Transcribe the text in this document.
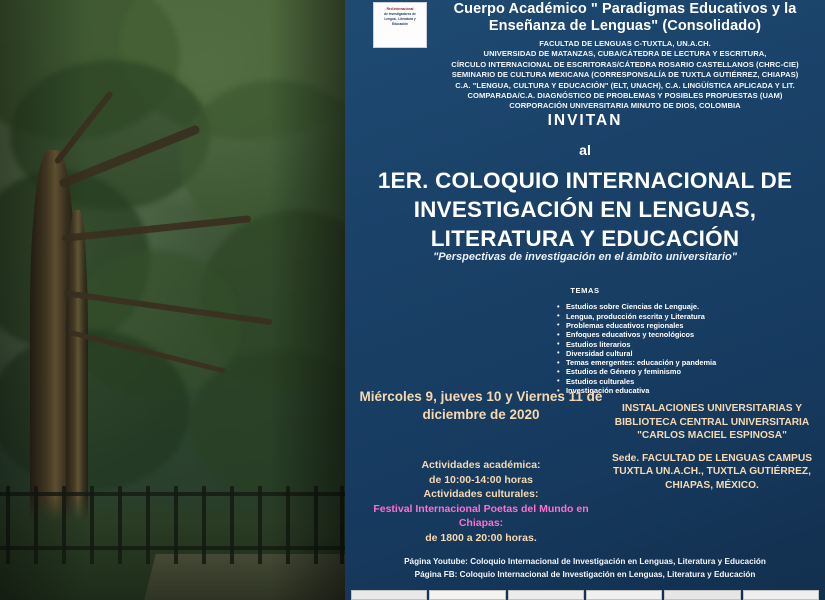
Red Internacional
de Investigadores de
Lengua , Literatura y
Educación
Cuerpo Académico " Paradigmas Educativos y la Enseñanza de Lenguas" (Consolidado)
FACULTAD DE LENGUAS C-TUXTLA, UN.A.CH.
UNIVERSIDAD DE MATANZAS, CUBA/CÁTEDRA DE LECTURA Y ESCRITURA,
CÍRCULO INTERNACIONAL DE ESCRITORAS/CÁTEDRA ROSARIO CASTELLANOS (CHRC-CIE)
SEMINARIO DE CULTURA MEXICANA (CORRESPONSALÍA DE TUXTLA GUTIÉRREZ, CHIAPAS)
C.A. "LENGUA, CULTURA Y EDUCACIÓN" (ELT, UNACH), C.A. LINGÜÍSTICA APLICADA Y LIT.
COMPARADA/C.A. DIAGNÓSTICO DE PROBLEMAS Y POSIBLES PROPUESTAS (UAM)
CORPORACIÓN UNIVERSITARIA MINUTO DE DIOS, COLOMBIA
INVITAN
al
1ER. COLOQUIO INTERNACIONAL DE INVESTIGACIÓN EN LENGUAS, LITERATURA Y EDUCACIÓN
"Perspectivas de investigación en el ámbito universitario"
TEMAS
• Estudios sobre Ciencias de Lenguaje.
• Lengua, producción escrita y Literatura
• Problemas educativos regionales
• Enfoques educativos y tecnológicos
• Estudios literarios
• Diversidad cultural
• Temas emergentes: educación y pandemia
• Estudios de Género y feminismo
• Estudios culturales
• Investigación educativa
Miércoles 9, jueves 10 y Viernes 11 de diciembre de 2020
Actividades académica:
de 10:00-14:00 horas
Actividades culturales:
Festival Internacional Poetas del Mundo en Chiapas:
de 1800 a 20:00 horas.
INSTALACIONES UNIVERSITARIAS Y BIBLIOTECA CENTRAL UNIVERSITARIA "CARLOS MACIEL ESPINOSA"
Sede. FACULTAD DE LENGUAS CAMPUS TUXTLA UN.A.CH., TUXTLA GUTIÉRREZ, CHIAPAS, MÉXICO.
Página Youtube: Coloquio Internacional de Investigación en Lenguas, Literatura y Educación
Página FB: Coloquio Internacional de Investigación en Lenguas, Literatura y Educación
